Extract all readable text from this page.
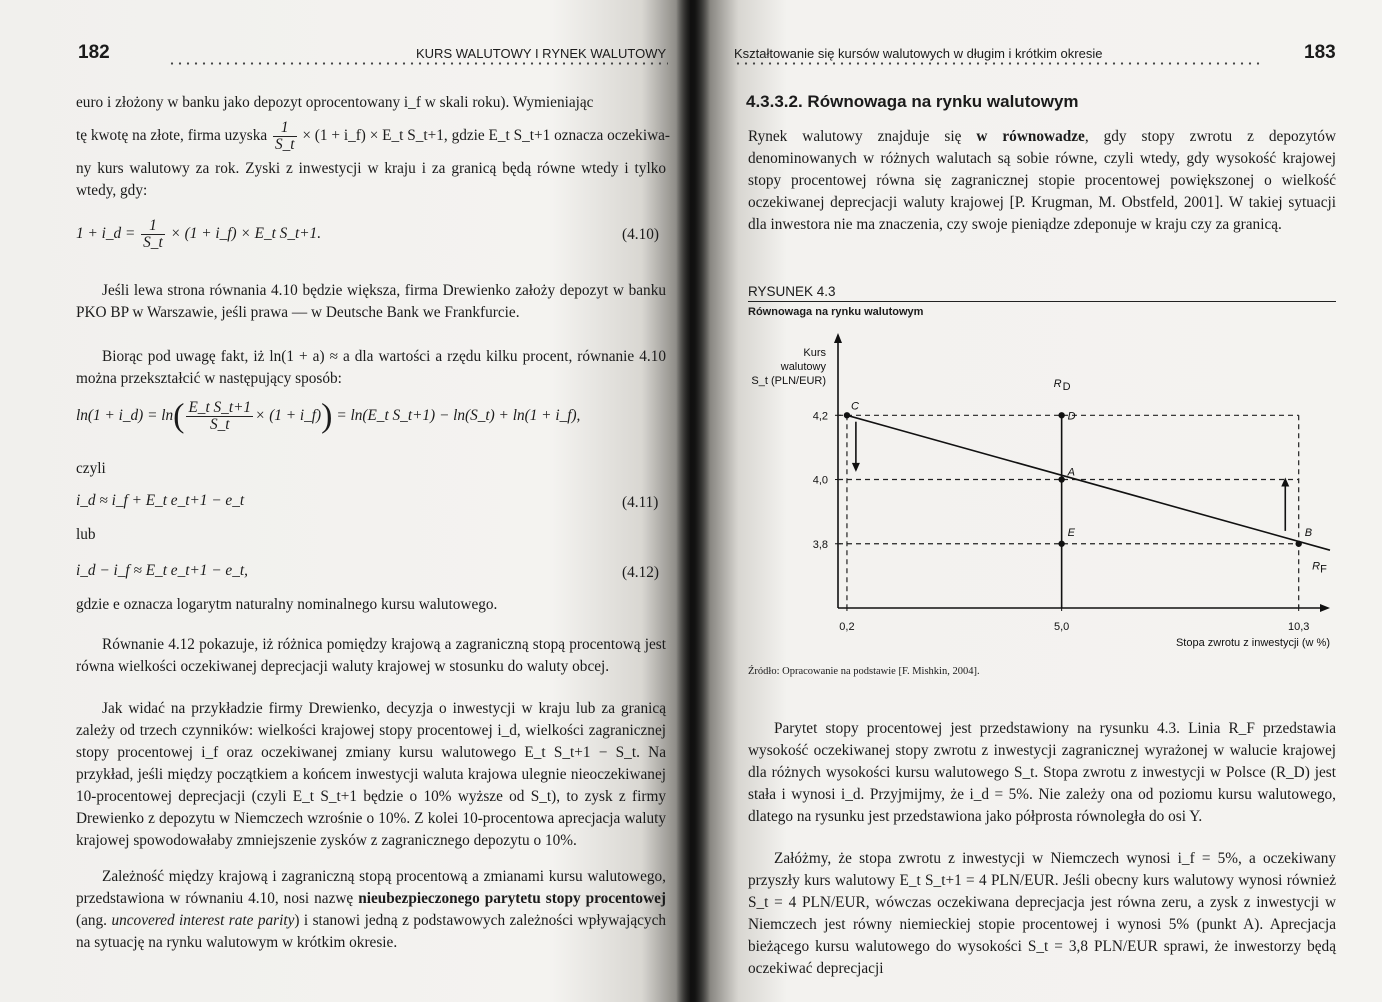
182	KURS WALUTOWY I RYNEK WALUTOWY
euro i złożony w banku jako depozyt oprocentowany i_f w skali roku). Wymieniając
tę kwotę na złote, firma uzyska $\frac{1}{S\_t} \times (1$ + i_f) × E_t S_t+1, gdzie E_t S_t+1 oznacza oczekiwa-
ny kurs walutowy za rok. Zyski z inwestycji w kraju i za granicą będą równe wtedy i tylko wtedy, gdy:
1 + i_d = $\frac{1}{S\_t} \times (1$ + i_f) × E_t S_t+1.	(4.10)
Jeśli lewa strona równania 4.10 będzie większa, firma Drewienko założy depozyt w banku PKO BP w Warszawie, jeśli prawa — w Deutsche Bank we Frankfurcie.
Biorąc pod uwagę fakt, iż ln(1 + a) ≈ a dla wartości a rzędu kilku procent, równanie 4.10 można przekształcić w następujący sposób:
ln(1 + i_d) = $\ln( \frac{\text{E\_t S\_t+1}}{S\_t} \times (1$ + i_f)) = ln(E_t S_t+1) − ln(S_t) + ln(1 + i_f),
czyli
i_d ≈ i_f + E_t e_t+1 − e_t	(4.11)
lub
i_d − i_f ≈ E_t e_t+1 − e_t,	(4.12)
gdzie e oznacza logarytm naturalny nominalnego kursu walutowego.
Równanie 4.12 pokazuje, iż różnica pomiędzy krajową a zagraniczną stopą procentową jest równa wielkości oczekiwanej deprecjacji waluty krajowej w stosunku do waluty obcej.
Jak widać na przykładzie firmy Drewienko, decyzja o inwestycji w kraju lub za granicą zależy od trzech czynników: wielkości krajowej stopy procentowej i_d, wielkości zagranicznej stopy procentowej i_f oraz oczekiwanej zmiany kursu walutowego E_t S_t+1 − S_t. Na przykład, jeśli między początkiem a końcem inwestycji waluta krajowa ulegnie nieoczekiwanej 10-procentowej deprecjacji (czyli E_t S_t+1 będzie o 10% wyższe od S_t), to zysk z firmy Drewienko z depozytu w Niemczech wzrośnie o 10%. Z kolei 10-procentowa aprecjacja waluty krajowej spowodowałaby zmniejszenie zysków z zagranicznego depozytu o 10%.
Zależność między krajową i zagraniczną stopą procentową a zmianami kursu walutowego, przedstawiona w równaniu 4.10, nosi nazwę nieubezpieczonego parytetu stopy procentowej (ang. uncovered interest rate parity) i stanowi jedną z podstawowych zależności wpływających na sytuację na rynku walutowym w krótkim okresie.
Kształtowanie się kursów walutowych w długim i krótkim okresie	183
4.3.3.2. Równowaga na rynku walutowym
Rynek walutowy znajduje się w równowadze, gdy stopy zwrotu z depozytów denominowanych w różnych walutach są sobie równe, czyli wtedy, gdy wysokość krajowej stopy procentowej równa się zagranicznej stopie procentowej powiększonej o wielkość oczekiwanej deprecjacji waluty krajowej [P. Krugman, M. Obstfeld, 2001]. W takiej sytuacji dla inwestora nie ma znaczenia, czy swoje pieniądze zdeponuje w kraju czy za granicą.
RYSUNEK 4.3
Równowaga na rynku walutowym
Kurs
walutowy
S_t (PLN/EUR)
Stopa zwrotu z inwestycji (w %)
0,2	5,0	10,3
4,2
4,0
3,8
R D
R F
C
D
A
E	B
Źródło: Opracowanie na podstawie [F. Mishkin, 2004].
Parytet stopy procentowej jest przedstawiony na rysunku 4.3. Linia R_F przedstawia wysokość oczekiwanej stopy zwrotu z inwestycji zagranicznej wyrażonej w walucie krajowej dla różnych wysokości kursu walutowego S_t. Stopa zwrotu z inwestycji w Polsce (R_D) jest stała i wynosi i_d. Przyjmijmy, że i_d = 5%. Nie zależy ona od poziomu kursu walutowego, dlatego na rysunku jest przedstawiona jako półprosta równoległa do osi Y.
Załóżmy, że stopa zwrotu z inwestycji w Niemczech wynosi i_f = 5%, a oczekiwany przyszły kurs walutowy E_t S_t+1 = 4 PLN/EUR. Jeśli obecny kurs walutowy wynosi również S_t = 4 PLN/EUR, wówczas oczekiwana deprecjacja jest równa zeru, a zysk z inwestycji w Niemczech jest równy niemieckiej stopie procentowej i wynosi 5% (punkt A). Aprecjacja bieżącego kursu walutowego do wysokości S_t = 3,8 PLN/EUR sprawi, że inwestorzy będą oczekiwać deprecjacji
